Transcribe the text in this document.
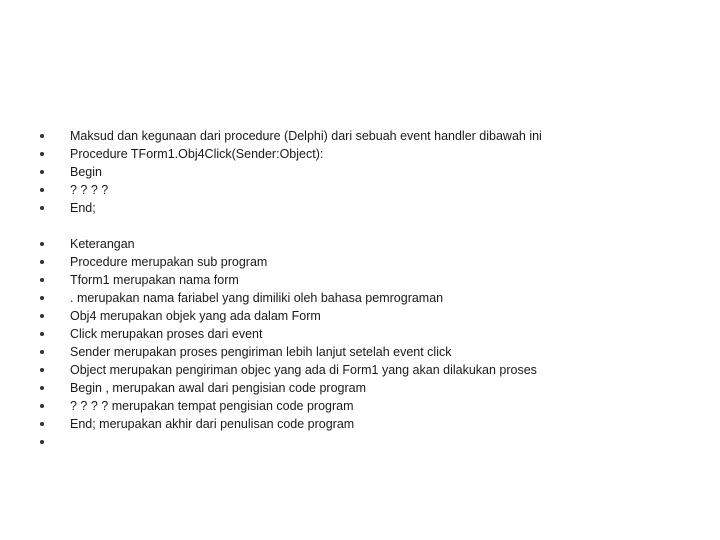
Maksud dan kegunaan dari procedure (Delphi) dari sebuah event handler dibawah ini
Procedure TForm1.Obj4Click(Sender:Object):
Begin
? ? ? ?
End;
Keterangan
Procedure merupakan sub program
Tform1 merupakan nama form
. merupakan nama fariabel yang dimiliki oleh bahasa pemrograman
Obj4 merupakan objek yang ada dalam Form
Click merupakan proses dari event
Sender merupakan proses pengiriman lebih lanjut setelah event click
Object merupakan pengiriman objec yang ada di Form1 yang akan dilakukan proses
Begin , merupakan awal dari pengisian code program
? ? ? ? merupakan tempat pengisian code program
End; merupakan akhir dari penulisan code program
